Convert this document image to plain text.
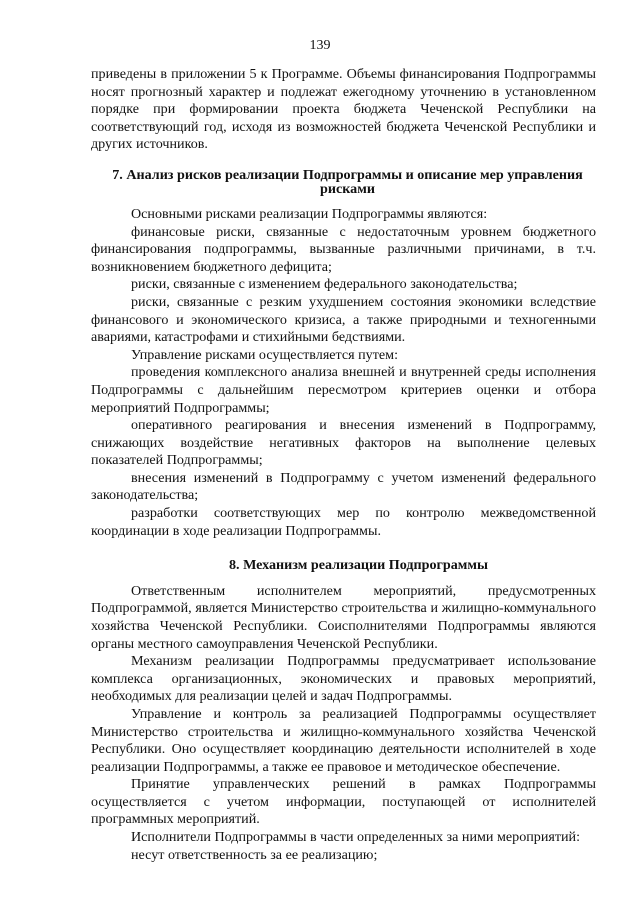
139

приведены в приложении 5 к Программе. Объемы финансирования Подпрограммы носят прогнозный характер и подлежат ежегодному уточнению в установленном порядке при формировании проекта бюджета Чеченской Республики на соответствующий год, исходя из возможностей бюджета Чеченской Республики и других источников.

7. Анализ рисков реализации Подпрограммы и описание мер управления рисками

Основными рисками реализации Подпрограммы являются:

финансовые риски, связанные с недостаточным уровнем бюджетного финансирования подпрограммы, вызванные различными причинами, в т.ч. возникновением бюджетного дефицита;

риски, связанные с изменением федерального законодательства;

риски, связанные с резким ухудшением состояния экономики вследствие финансового и экономического кризиса, а также природными и техногенными авариями, катастрофами и стихийными бедствиями.

Управление рисками осуществляется путем:

проведения комплексного анализа внешней и внутренней среды исполнения Подпрограммы с дальнейшим пересмотром критериев оценки и отбора мероприятий Подпрограммы;

оперативного реагирования и внесения изменений в Подпрограмму, снижающих воздействие негативных факторов на выполнение целевых показателей Подпрограммы;

внесения изменений в Подпрограмму с учетом изменений федерального законодательства;

разработки соответствующих мер по контролю межведомственной координации в ходе реализации Подпрограммы.

8. Механизм реализации Подпрограммы

Ответственным исполнителем мероприятий, предусмотренных Подпрограммой, является Министерство строительства и жилищно-коммунального хозяйства Чеченской Республики. Соисполнителями Подпрограммы являются органы местного самоуправления Чеченской Республики.

Механизм реализации Подпрограммы предусматривает использование комплекса организационных, экономических и правовых мероприятий, необходимых для реализации целей и задач Подпрограммы.

Управление и контроль за реализацией Подпрограммы осуществляет Министерство строительства и жилищно-коммунального хозяйства Чеченской Республики. Оно осуществляет координацию деятельности исполнителей в ходе реализации Подпрограммы, а также ее правовое и методическое обеспечение.

Принятие управленческих решений в рамках Подпрограммы осуществляется с учетом информации, поступающей от исполнителей программных мероприятий.

Исполнители Подпрограммы в части определенных за ними мероприятий:

несут ответственность за ее реализацию;
